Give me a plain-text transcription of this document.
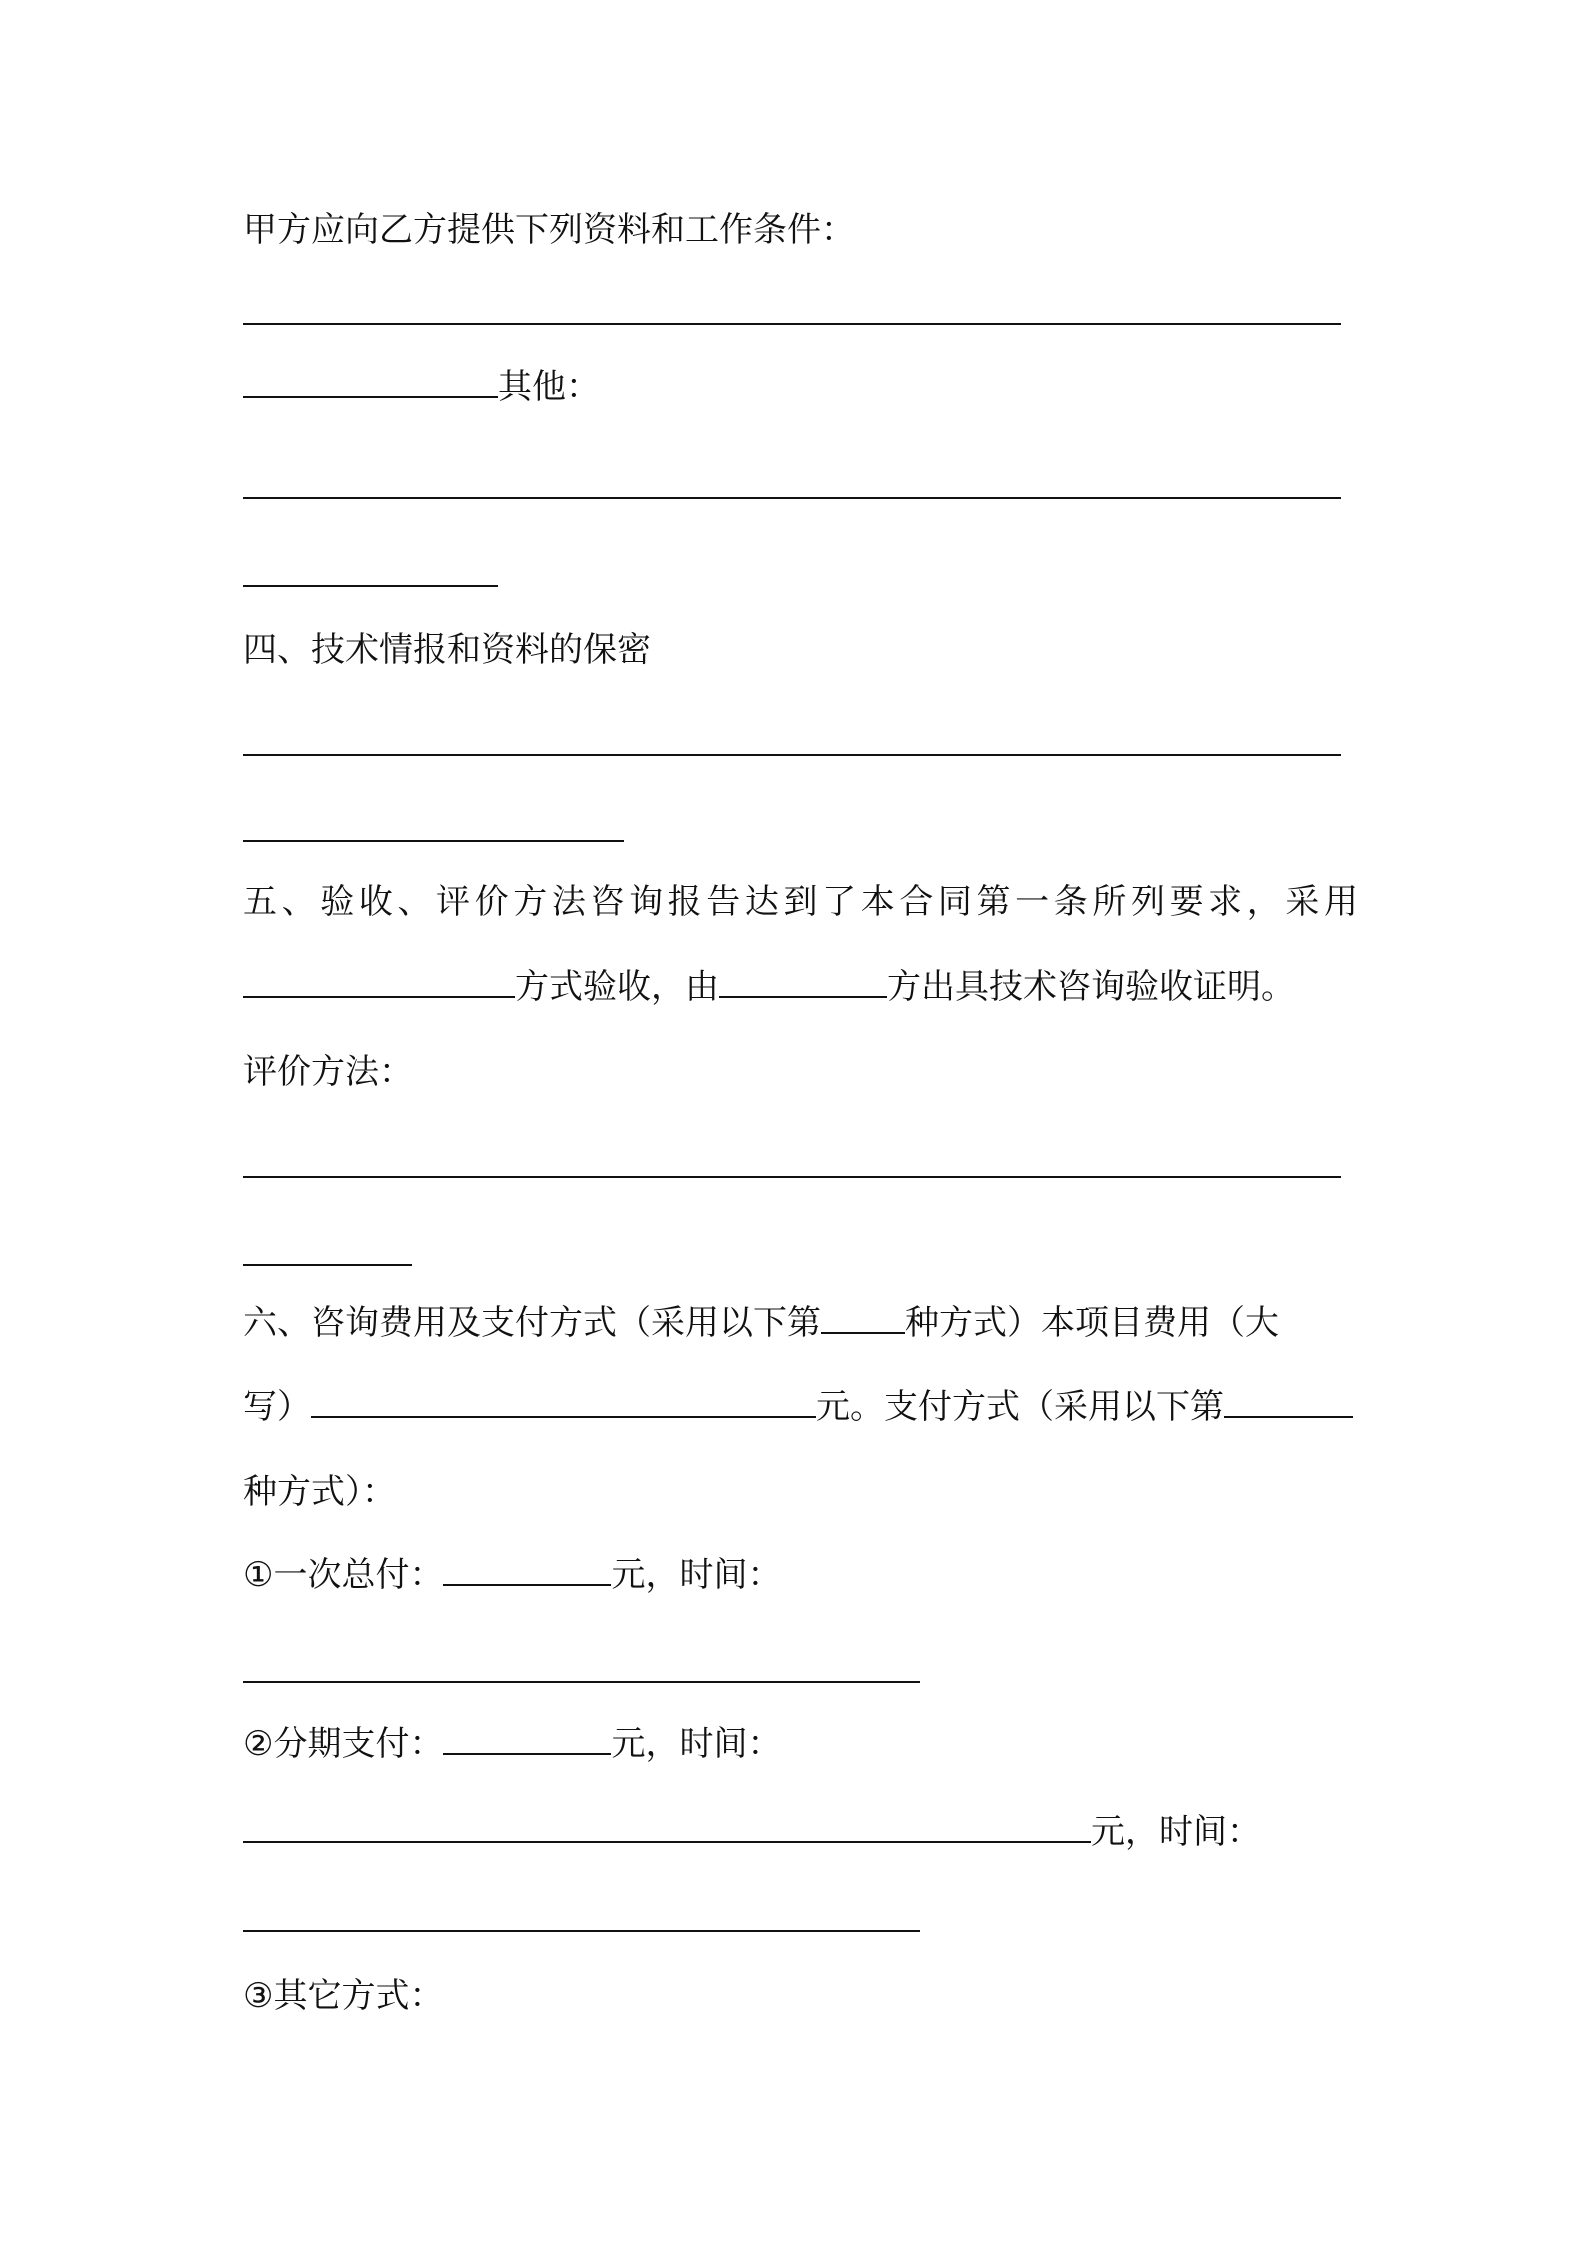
甲方应向乙方提供下列资料和工作条件：
其他：
四、技术情报和资料的保密
五、验收、评价方法咨询报告达到了本合同第一条所列要求，采用
方式验收，由	方出具技术咨询验收证明。
评价方法：
六、咨询费用及支付方式（采用以下第 种方式）本项目费用（大
写）	元。支付方式（采用以下第
种方式）：
①一次总付：	元，时间：
②分期支付：	元，时间：
元，时间：
③其它方式：
